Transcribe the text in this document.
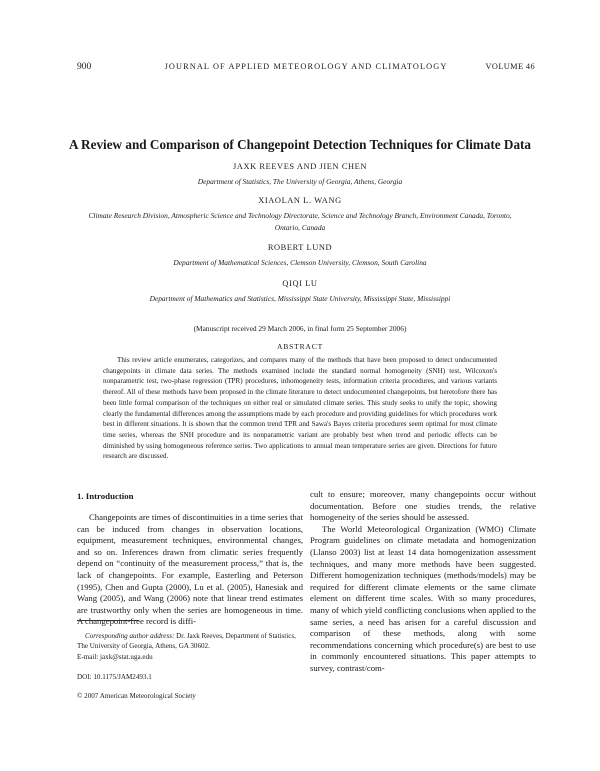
900	JOURNAL OF APPLIED METEOROLOGY AND CLIMATOLOGY	VOLUME 46
A Review and Comparison of Changepoint Detection Techniques for Climate Data
JAXK REEVES AND JIEN CHEN
Department of Statistics, The University of Georgia, Athens, Georgia
XIAOLAN L. WANG
Climate Research Division, Atmospheric Science and Technology Directorate, Science and Technology Branch, Environment Canada, Toronto, Ontario, Canada
ROBERT LUND
Department of Mathematical Sciences, Clemson University, Clemson, South Carolina
QIQI LU
Department of Mathematics and Statistics, Mississippi State University, Mississippi State, Mississippi
(Manuscript received 29 March 2006, in final form 25 September 2006)
ABSTRACT
This review article enumerates, categorizes, and compares many of the methods that have been proposed to detect undocumented changepoints in climate data series. The methods examined include the standard normal homogeneity (SNH) test, Wilcoxon's nonparametric test, two-phase regression (TPR) procedures, inhomogeneity tests, information criteria procedures, and various variants thereof. All of these methods have been proposed in the climate literature to detect undocumented changepoints, but heretofore there has been little formal comparison of the techniques on either real or simulated climate series. This study seeks to unify the topic, showing clearly the fundamental differences among the assumptions made by each procedure and providing guidelines for which procedures work best in different situations. It is shown that the common trend TPR and Sawa's Bayes criteria procedures seem optimal for most climate time series, whereas the SNH procedure and its nonparametric variant are probably best when trend and periodic effects can be diminished by using homogeneous reference series. Two applications to annual mean temperature series are given. Directions for future research are discussed.
1. Introduction
Changepoints are times of discontinuities in a time series that can be induced from changes in observation locations, equipment, measurement techniques, environmental changes, and so on. Inferences drawn from climatic series frequently depend on “continuity of the measurement process,” that is, the lack of changepoints. For example, Easterling and Peterson (1995), Chen and Gupta (2000), Lu et al. (2005), Hanesiak and Wang (2005), and Wang (2006) note that linear trend estimates are trustworthy only when the series are homogeneous in time. A changepoint-free record is diffi-

cult to ensure; moreover, many changepoints occur without documentation. Before one studies trends, the relative homogeneity of the series should be assessed.

The World Meteorological Organization (WMO) Climate Program guidelines on climate metadata and homogenization (Llanso 2003) list at least 14 data homogenization assessment techniques, and many more methods have been suggested. Different homogenization techniques (methods/models) may be required for different climate elements or the same climate element on different time scales. With so many procedures, many of which yield conflicting conclusions when applied to the same series, a need has arisen for a careful discussion and comparison of these methods, along with some recommendations concerning which procedure(s) are best to use in commonly encountered situations. This paper attempts to survey, contrast/com-

Corresponding author address: Dr. Jaxk Reeves, Department of Statistics, The University of Georgia, Athens, GA 30602.
E-mail: jaxk@stat.uga.edu
DOI: 10.1175/JAM2493.1
© 2007 American Meteorological Society
